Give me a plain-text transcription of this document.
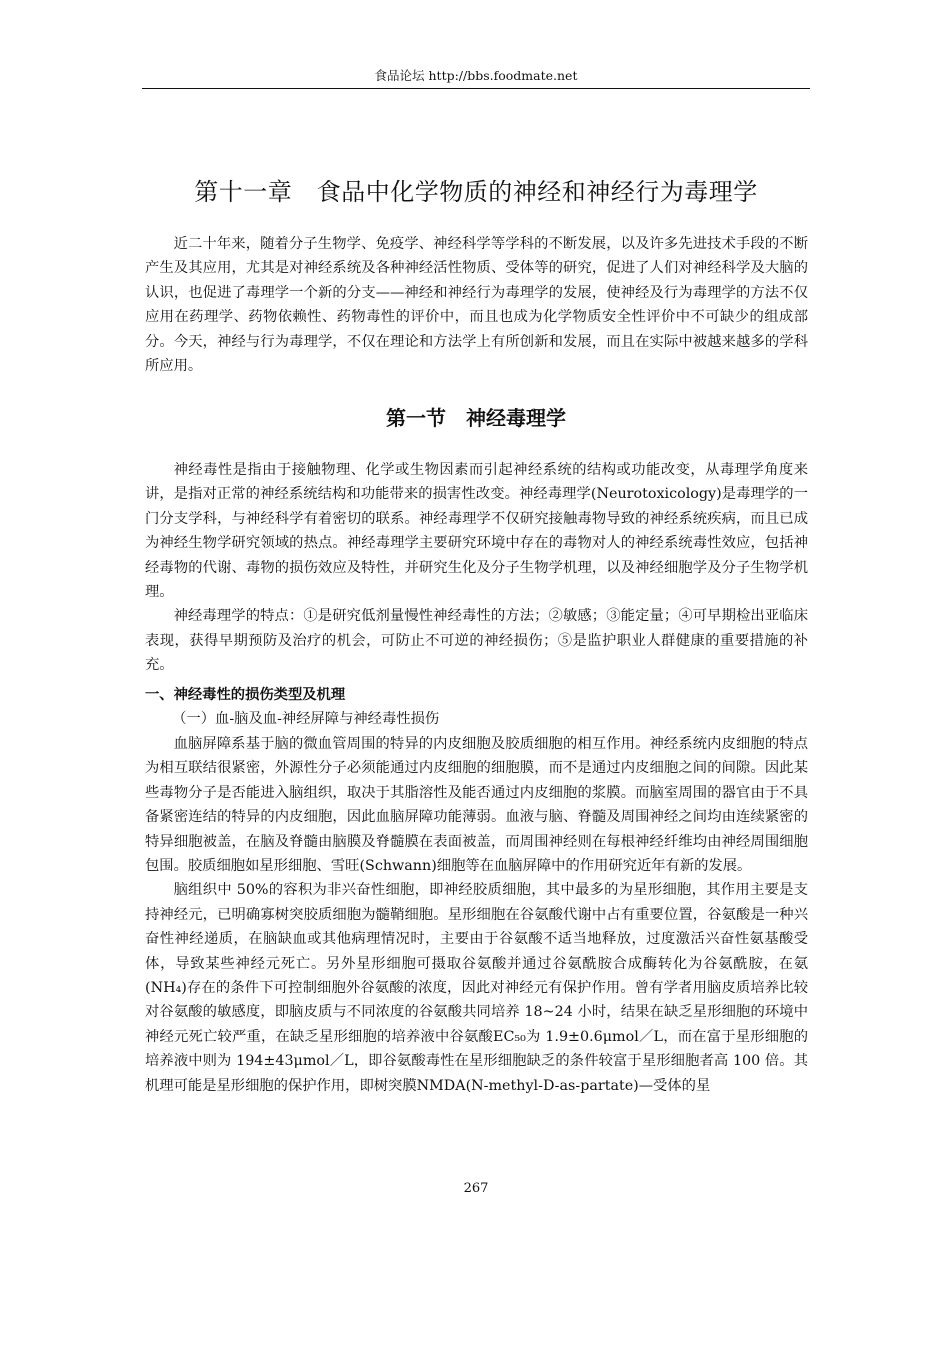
食品论坛 http://bbs.foodmate.net
第十一章　食品中化学物质的神经和神经行为毒理学

近二十年来，随着分子生物学、免疫学、神经科学等学科的不断发展，以及许多先进技术手段的不断产生及其应用，尤其是对神经系统及各种神经活性物质、受体等的研究，促进了人们对神经科学及大脑的认识，也促进了毒理学一个新的分支——神经和神经行为毒理学的发展，使神经及行为毒理学的方法不仅应用在药理学、药物依赖性、药物毒性的评价中，而且也成为化学物质安全性评价中不可缺少的组成部分。今天，神经与行为毒理学，不仅在理论和方法学上有所创新和发展，而且在实际中被越来越多的学科所应用。

第一节　神经毒理学

神经毒性是指由于接触物理、化学或生物因素而引起神经系统的结构或功能改变，从毒理学角度来讲，是指对正常的神经系统结构和功能带来的损害性改变。神经毒理学(Neurotoxicology)是毒理学的一门分支学科，与神经科学有着密切的联系。神经毒理学不仅研究接触毒物导致的神经系统疾病，而且已成为神经生物学研究领域的热点。神经毒理学主要研究环境中存在的毒物对人的神经系统毒性效应，包括神经毒物的代谢、毒物的损伤效应及特性，并研究生化及分子生物学机理，以及神经细胞学及分子生物学机理。

神经毒理学的特点：①是研究低剂量慢性神经毒性的方法；②敏感；③能定量；④可早期检出亚临床表现，获得早期预防及治疗的机会，可防止不可逆的神经损伤；⑤是监护职业人群健康的重要措施的补充。

一、神经毒性的损伤类型及机理
（一）血-脑及血-神经屏障与神经毒性损伤

血脑屏障系基于脑的微血管周围的特异的内皮细胞及胶质细胞的相互作用。神经系统内皮细胞的特点为相互联结很紧密，外源性分子必须能通过内皮细胞的细胞膜，而不是通过内皮细胞之间的间隙。因此某些毒物分子是否能进入脑组织，取决于其脂溶性及能否通过内皮细胞的浆膜。而脑室周围的器官由于不具备紧密连结的特异的内皮细胞，因此血脑屏障功能薄弱。血液与脑、脊髓及周围神经之间均由连续紧密的特异细胞被盖，在脑及脊髓由脑膜及脊髓膜在表面被盖，而周围神经则在每根神经纤维均由神经周围细胞包围。胶质细胞如星形细胞、雪旺(Schwann)细胞等在血脑屏障中的作用研究近年有新的发展。

脑组织中 50%的容积为非兴奋性细胞，即神经胶质细胞，其中最多的为星形细胞，其作用主要是支持神经元，已明确寡树突胶质细胞为髓鞘细胞。星形细胞在谷氨酸代谢中占有重要位置，谷氨酸是一种兴奋性神经递质，在脑缺血或其他病理情况时，主要由于谷氨酸不适当地释放，过度激活兴奋性氨基酸受体，导致某些神经元死亡。另外星形细胞可摄取谷氨酸并通过谷氨酰胺合成酶转化为谷氨酰胺，在氨(NH₄)存在的条件下可控制细胞外谷氨酸的浓度，因此对神经元有保护作用。曾有学者用脑皮质培养比较对谷氨酸的敏感度，即脑皮质与不同浓度的谷氨酸共同培养 18~24 小时，结果在缺乏星形细胞的环境中神经元死亡较严重，在缺乏星形细胞的培养液中谷氨酸EC₅₀为 1.9±0.6μmol／L，而在富于星形细胞的培养液中则为 194±43μmol／L，即谷氨酸毒性在星形细胞缺乏的条件较富于星形细胞者高 100 倍。其机理可能是星形细胞的保护作用，即树突膜NMDA(N-methyl-D-as-partate)—受体的星

267
